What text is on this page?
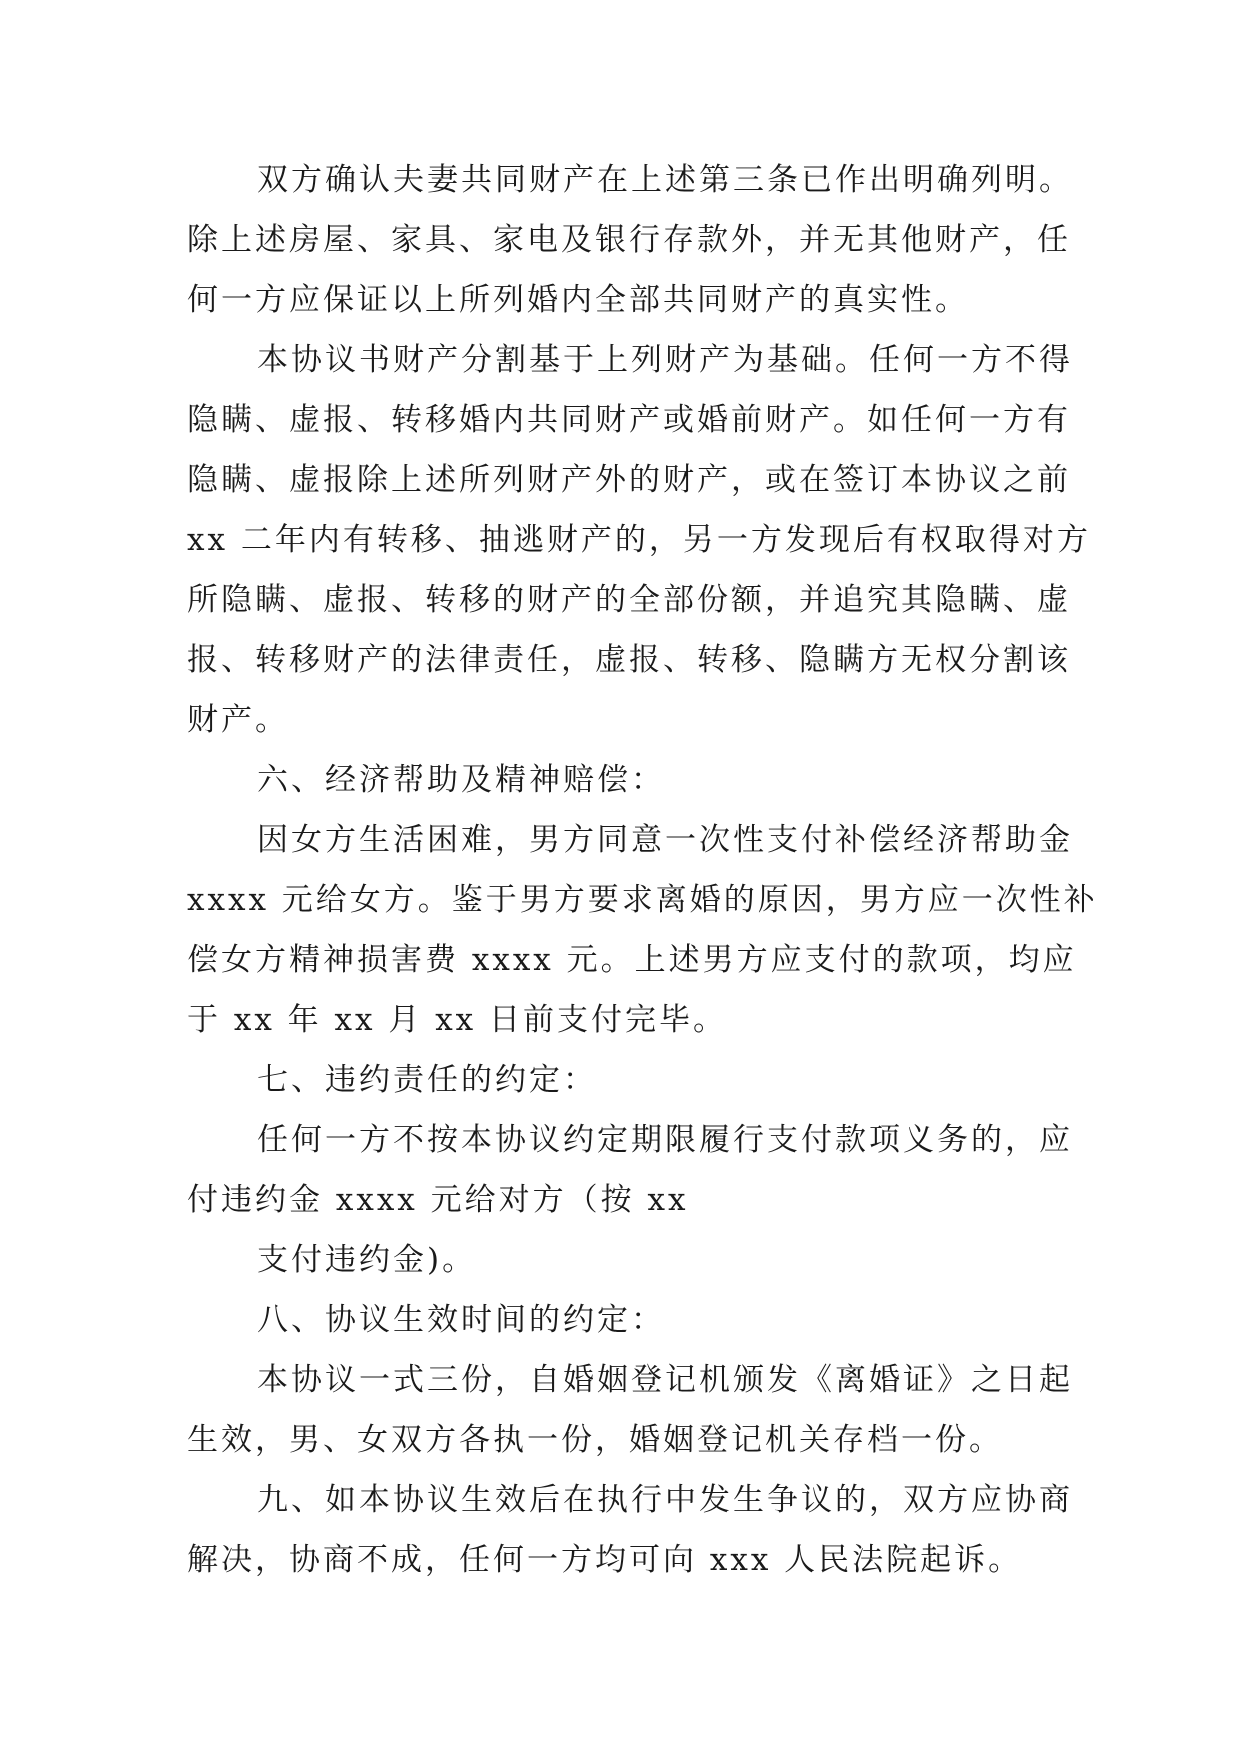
双方确认夫妻共同财产在上述第三条已作出明确列明。
除上述房屋、家具、家电及银行存款外，并无其他财产，任
何一方应保证以上所列婚内全部共同财产的真实性。
本协议书财产分割基于上列财产为基础。任何一方不得
隐瞒、虚报、转移婚内共同财产或婚前财产。如任何一方有
隐瞒、虚报除上述所列财产外的财产，或在签订本协议之前
xx 二年内有转移、抽逃财产的，另一方发现后有权取得对方
所隐瞒、虚报、转移的财产的全部份额，并追究其隐瞒、虚
报、转移财产的法律责任，虚报、转移、隐瞒方无权分割该
财产。
六、经济帮助及精神赔偿：
因女方生活困难，男方同意一次性支付补偿经济帮助金
xxxx 元给女方。鉴于男方要求离婚的原因，男方应一次性补
偿女方精神损害费 xxxx 元。上述男方应支付的款项，均应
于 xx 年 xx 月 xx 日前支付完毕。
七、违约责任的约定：
任何一方不按本协议约定期限履行支付款项义务的，应
付违约金 xxxx 元给对方（按 xx
支付违约金)。
八、协议生效时间的约定：
本协议一式三份，自婚姻登记机颁发《离婚证》之日起
生效，男、女双方各执一份，婚姻登记机关存档一份。
九、如本协议生效后在执行中发生争议的，双方应协商
解决，协商不成，任何一方均可向 xxx 人民法院起诉。
